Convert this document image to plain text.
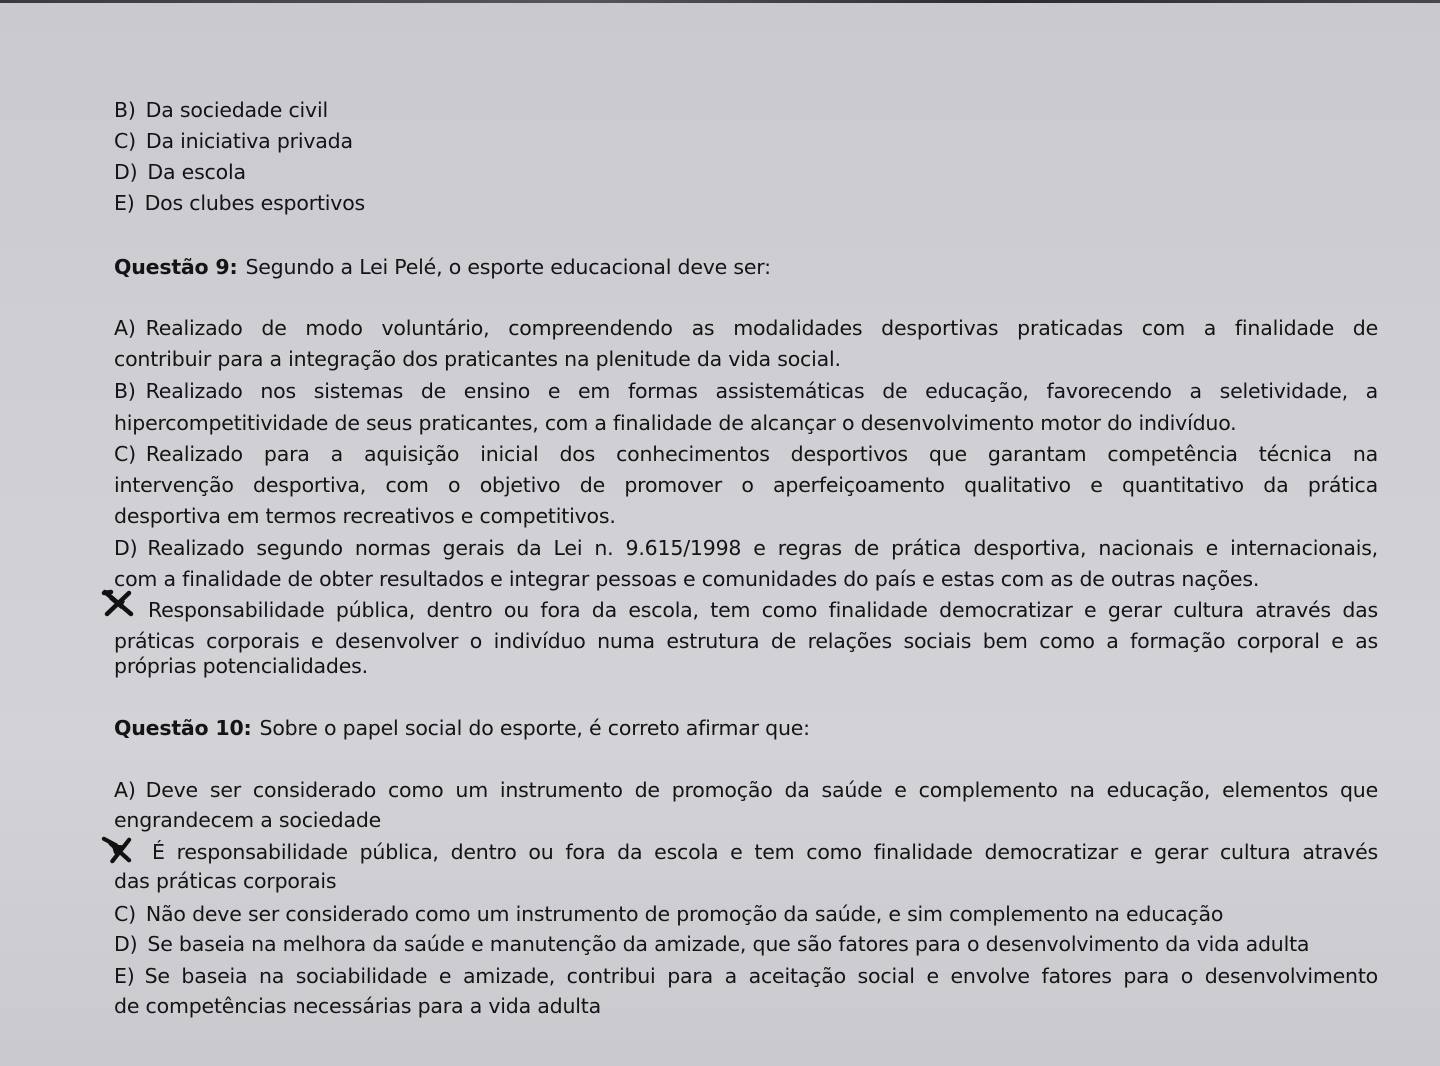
B) Da sociedade civil
C) Da iniciativa privada
D) Da escola
E) Dos clubes esportivos
Questão 9: Segundo a Lei Pelé, o esporte educacional deve ser:
A) Realizado de modo voluntário, compreendendo as modalidades desportivas praticadas com a finalidade de
contribuir para a integração dos praticantes na plenitude da vida social.
B) Realizado nos sistemas de ensino e em formas assistemáticas de educação, favorecendo a seletividade, a
hipercompetitividade de seus praticantes, com a finalidade de alcançar o desenvolvimento motor do indivíduo.
C) Realizado para a aquisição inicial dos conhecimentos desportivos que garantam competência técnica na
intervenção desportiva, com o objetivo de promover o aperfeiçoamento qualitativo e quantitativo da prática
desportiva em termos recreativos e competitivos.
D) Realizado segundo normas gerais da Lei n. 9.615/1998 e regras de prática desportiva, nacionais e internacionais,
com a finalidade de obter resultados e integrar pessoas e comunidades do país e estas com as de outras nações.
Responsabilidade pública, dentro ou fora da escola, tem como finalidade democratizar e gerar cultura através das
práticas corporais e desenvolver o indivíduo numa estrutura de relações sociais bem como a formação corporal e as
próprias potencialidades.
Questão 10: Sobre o papel social do esporte, é correto afirmar que:
A) Deve ser considerado como um instrumento de promoção da saúde e complemento na educação, elementos que
engrandecem a sociedade
É responsabilidade pública, dentro ou fora da escola e tem como finalidade democratizar e gerar cultura através
das práticas corporais
C) Não deve ser considerado como um instrumento de promoção da saúde, e sim complemento na educação
D) Se baseia na melhora da saúde e manutenção da amizade, que são fatores para o desenvolvimento da vida adulta
E) Se baseia na sociabilidade e amizade, contribui para a aceitação social e envolve fatores para o desenvolvimento
de competências necessárias para a vida adulta
